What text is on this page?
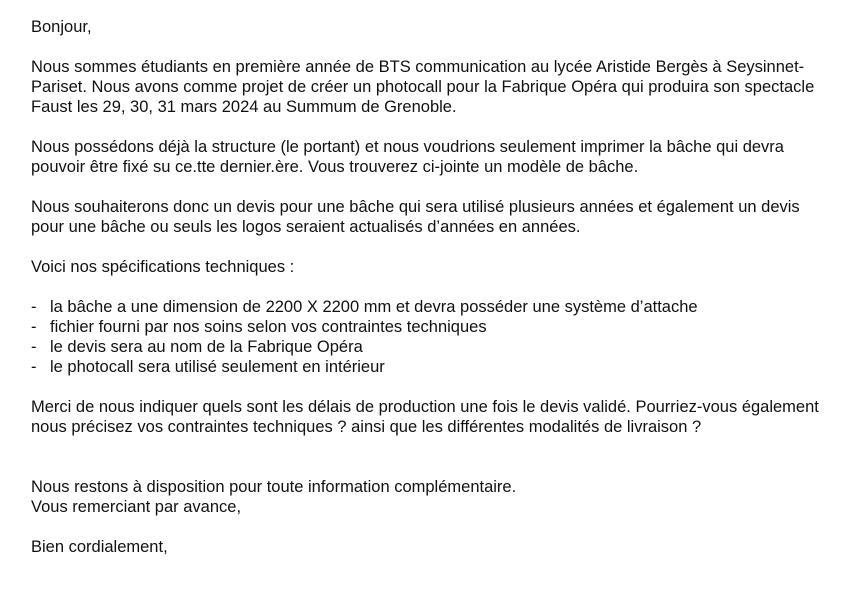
Bonjour,

Nous sommes étudiants en première année de BTS communication au lycée Aristide Bergès à Seysinnet-Pariset. Nous avons comme projet de créer un photocall pour la Fabrique Opéra qui produira son spectacle Faust les 29, 30, 31 mars 2024 au Summum de Grenoble.

Nous possédons déjà la structure (le portant) et nous voudrions seulement imprimer la bâche qui devra pouvoir être fixé su ce.tte dernier.ère. Vous trouverez ci-jointe un modèle de bâche.

Nous souhaiterons donc un devis pour une bâche qui sera utilisé plusieurs années et également un devis pour une bâche ou seuls les logos seraient actualisés d’années en années.

Voici nos spécifications techniques :

- la bâche a une dimension de 2200 X 2200 mm et devra posséder une système d’attache
- fichier fourni par nos soins selon vos contraintes techniques
- le devis sera au nom de la Fabrique Opéra
- le photocall sera utilisé seulement en intérieur

Merci de nous indiquer quels sont les délais de production une fois le devis validé. Pourriez-vous également nous précisez vos contraintes techniques ? ainsi que les différentes modalités de livraison ?

Nous restons à disposition pour toute information complémentaire.
Vous remerciant par avance,

Bien cordialement,
